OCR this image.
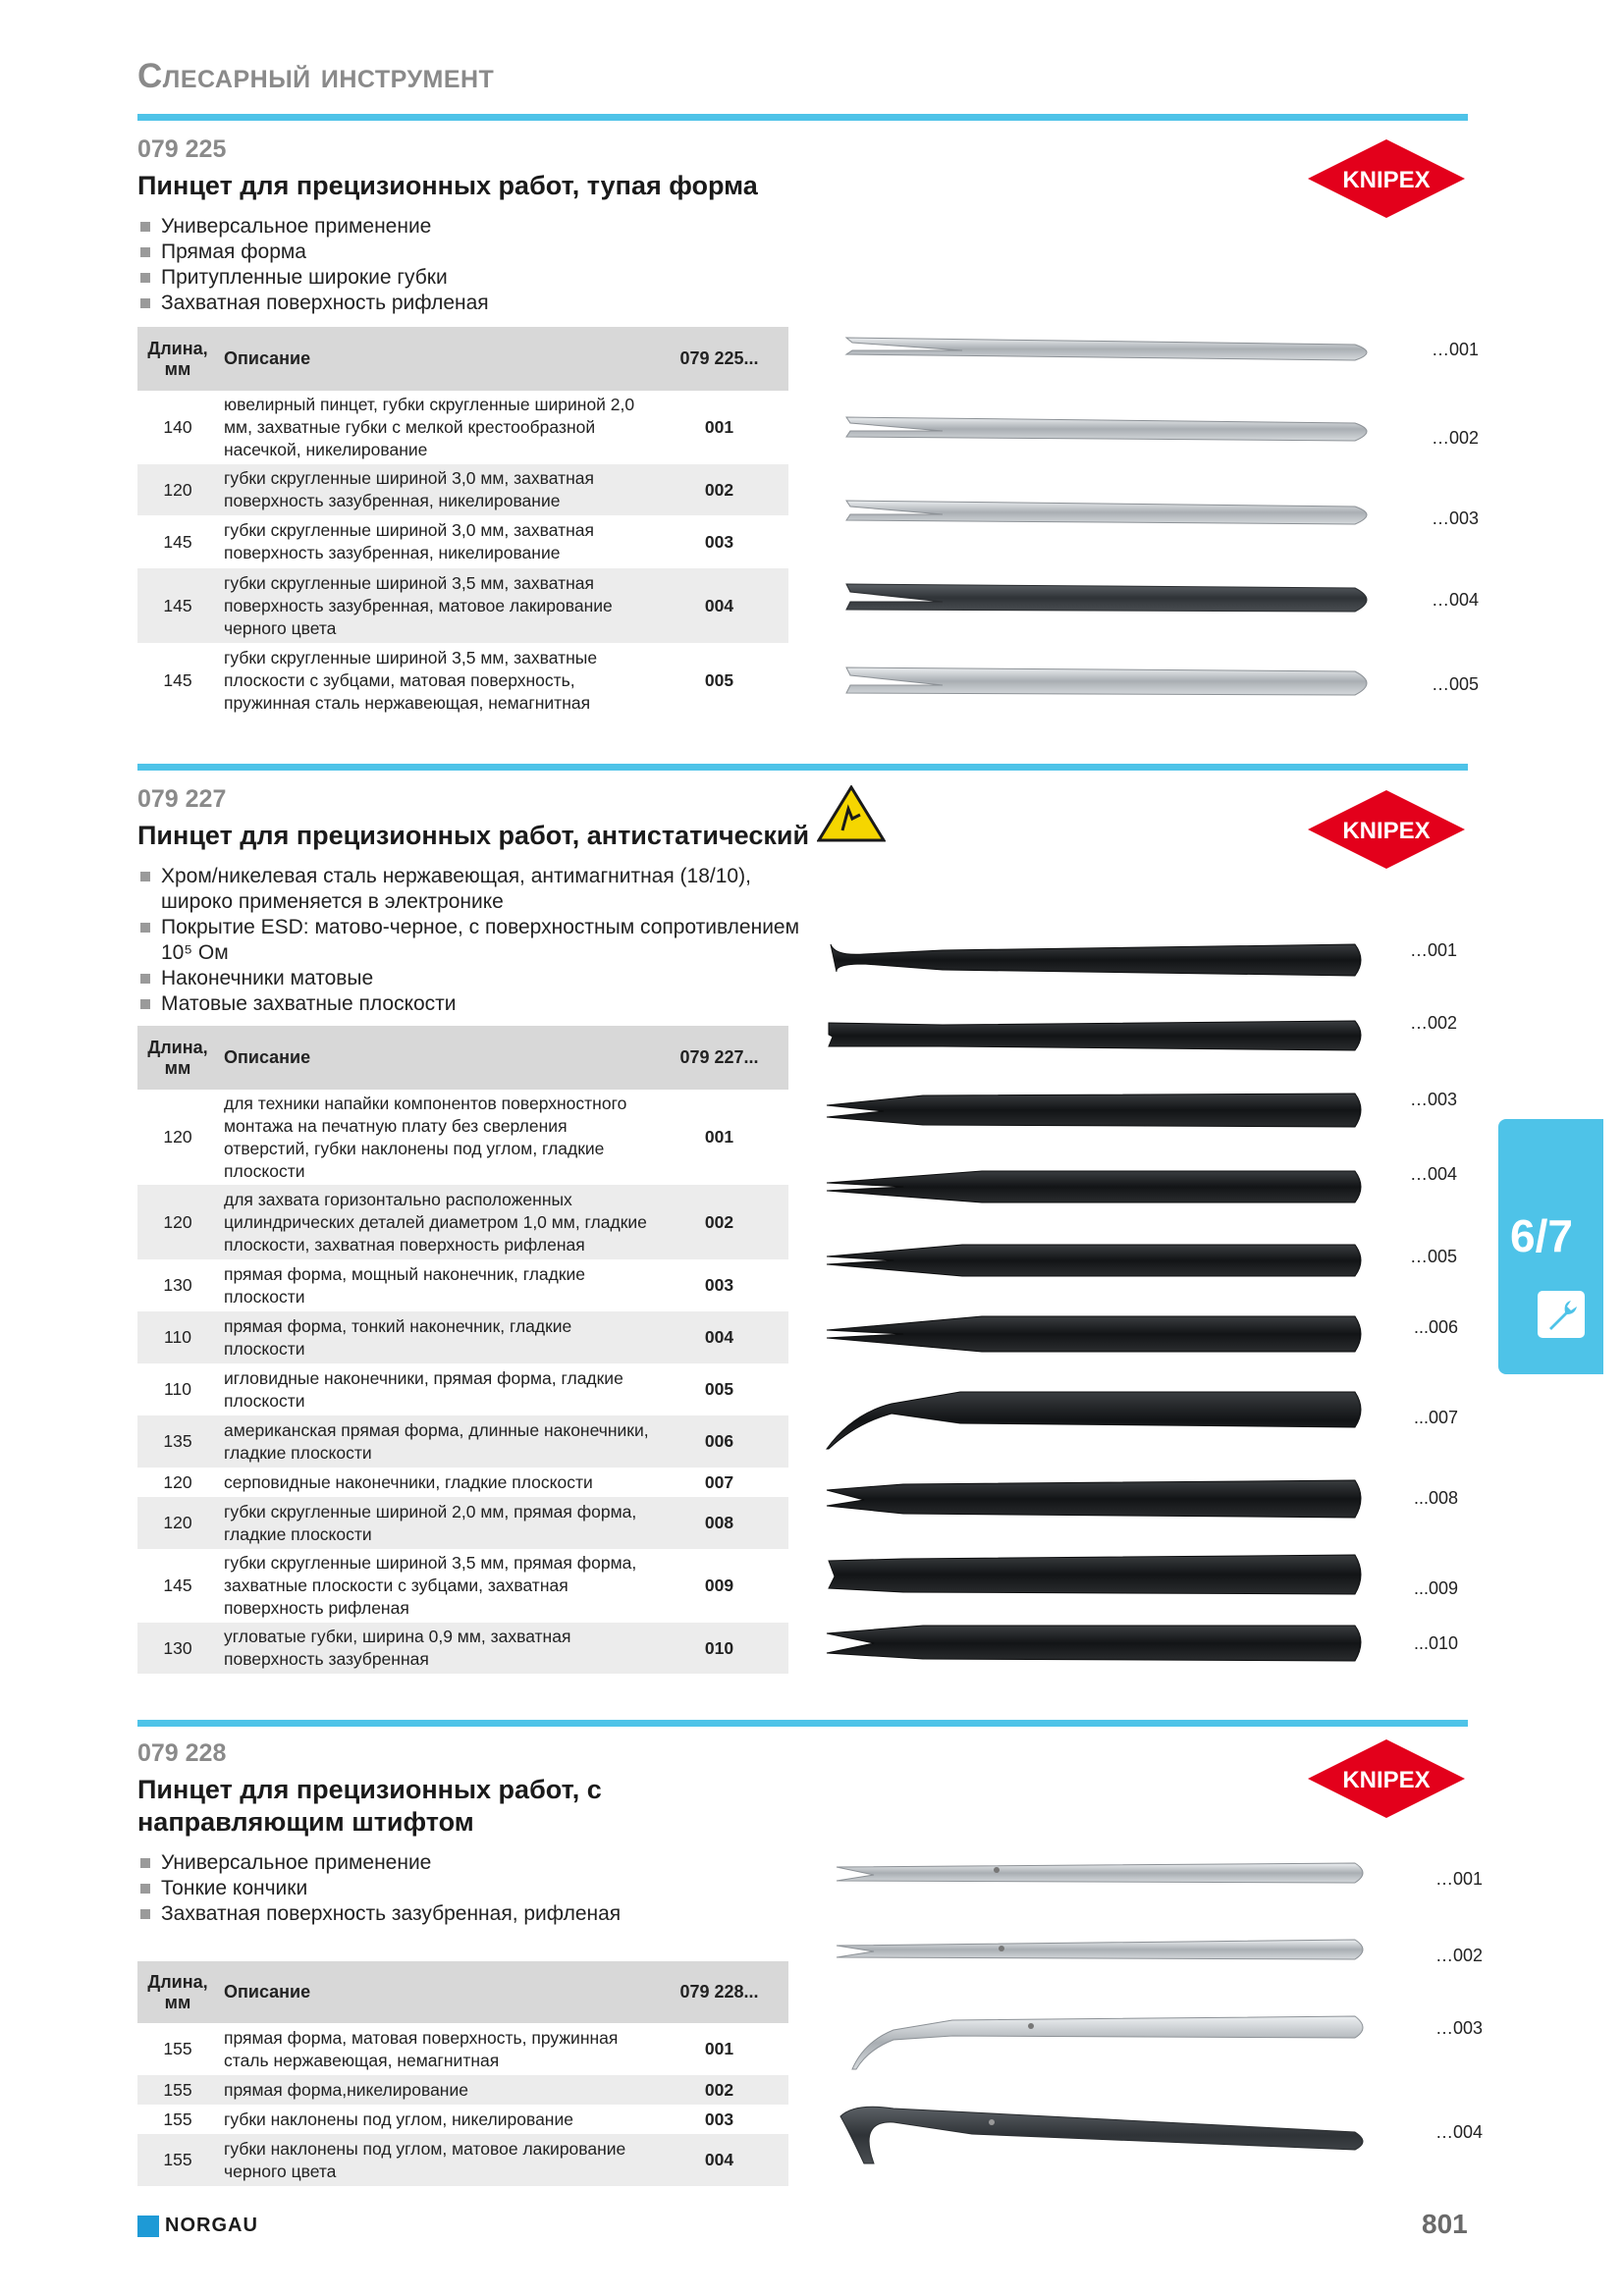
Слесарный инструмент
079 225
Пинцет для прецизионных работ, тупая форма
Универсальное применение
Прямая форма
Притупленные широкие губки
Захватная поверхность рифленая
KNIPEX
Длина, мм	Описание	079 225...
140	ювелирный пинцет, губки скругленные шириной 2,0 мм, захватные губки с мелкой крестообразной насечкой, никелирование	001
120	губки скругленные шириной 3,0 мм, захватная поверхность зазубренная, никелирование	002
145	губки скругленные шириной 3,0 мм, захватная поверхность зазубренная, никелирование	003
145	губки скругленные шириной 3,5 мм, захватная поверхность зазубренная, матовое лакирование черного цвета	004
145	губки скругленные шириной 3,5 мм, захватные плоскости с зубцами, матовая поверхность, пружинная сталь нержавеющая, немагнитная	005
…001
…002
…003
…004
…005
079 227
Пинцет для прецизионных работ, антистатический
Хром/никелевая сталь нержавеющая, антимагнитная (18/10), широко применяется в электронике
Покрытие ESD: матово-черное, с поверхностным сопротивлением 10⁵ Ом
Наконечники матовые
Матовые захватные плоскости
KNIPEX
Длина, мм	Описание	079 227...
120	для техники напайки компонентов поверхностного монтажа на печатную плату без сверления отверстий, губки наклонены под углом, гладкие плоскости	001
120	для захвата горизонтально расположенных цилиндрических деталей диаметром 1,0 мм, гладкие плоскости, захватная поверхность рифленая	002
130	прямая форма, мощный наконечник, гладкие плоскости	003
110	прямая форма, тонкий наконечник, гладкие плоскости	004
110	игловидные наконечники, прямая форма, гладкие плоскости	005
135	американская прямая форма, длинные наконечники, гладкие плоскости	006
120	серповидные наконечники, гладкие плоскости	007
120	губки скругленные шириной 2,0 мм, прямая форма, гладкие плоскости	008
145	губки скругленные шириной 3,5 мм, прямая форма, захватные плоскости с зубцами, захватная поверхность рифленая	009
130	угловатые губки, ширина 0,9 мм, захватная поверхность зазубренная	010
…001
…002
…003
…004
…005
...006
...007
...008
...009
...010
079 228
Пинцет для прецизионных работ, с направляющим штифтом
Универсальное применение
Тонкие кончики
Захватная поверхность зазубренная, рифленая
KNIPEX
Длина, мм	Описание	079 228...
155	прямая форма, матовая поверхность, пружинная сталь нержавеющая, немагнитная	001
155	прямая форма,никелирование	002
155	губки наклонены под углом, никелирование	003
155	губки наклонены под углом, матовое лакирование черного цвета	004
…001
…002
…003
…004
6/7
NORGAU	801
